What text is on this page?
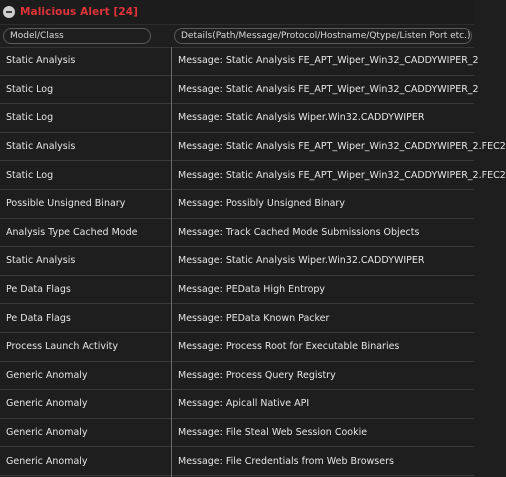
Malicious Alert [24]
Model/Class	Details(Path/Message/Protocol/Hostname/Qtype/Listen Port etc.)
Static Analysis	Message: Static Analysis FE_APT_Wiper_Win32_CADDYWIPER_2
Static Log	Message: Static Analysis FE_APT_Wiper_Win32_CADDYWIPER_2
Static Log	Message: Static Analysis Wiper.Win32.CADDYWIPER
Static Analysis	Message: Static Analysis FE_APT_Wiper_Win32_CADDYWIPER_2.FEC2
Static Log	Message: Static Analysis FE_APT_Wiper_Win32_CADDYWIPER_2.FEC2
Possible Unsigned Binary	Message: Possibly Unsigned Binary
Analysis Type Cached Mode	Message: Track Cached Mode Submissions Objects
Static Analysis	Message: Static Analysis Wiper.Win32.CADDYWIPER
Pe Data Flags	Message: PEData High Entropy
Pe Data Flags	Message: PEData Known Packer
Process Launch Activity	Message: Process Root for Executable Binaries
Generic Anomaly	Message: Process Query Registry
Generic Anomaly	Message: Apicall Native API
Generic Anomaly	Message: File Steal Web Session Cookie
Generic Anomaly	Message: File Credentials from Web Browsers
